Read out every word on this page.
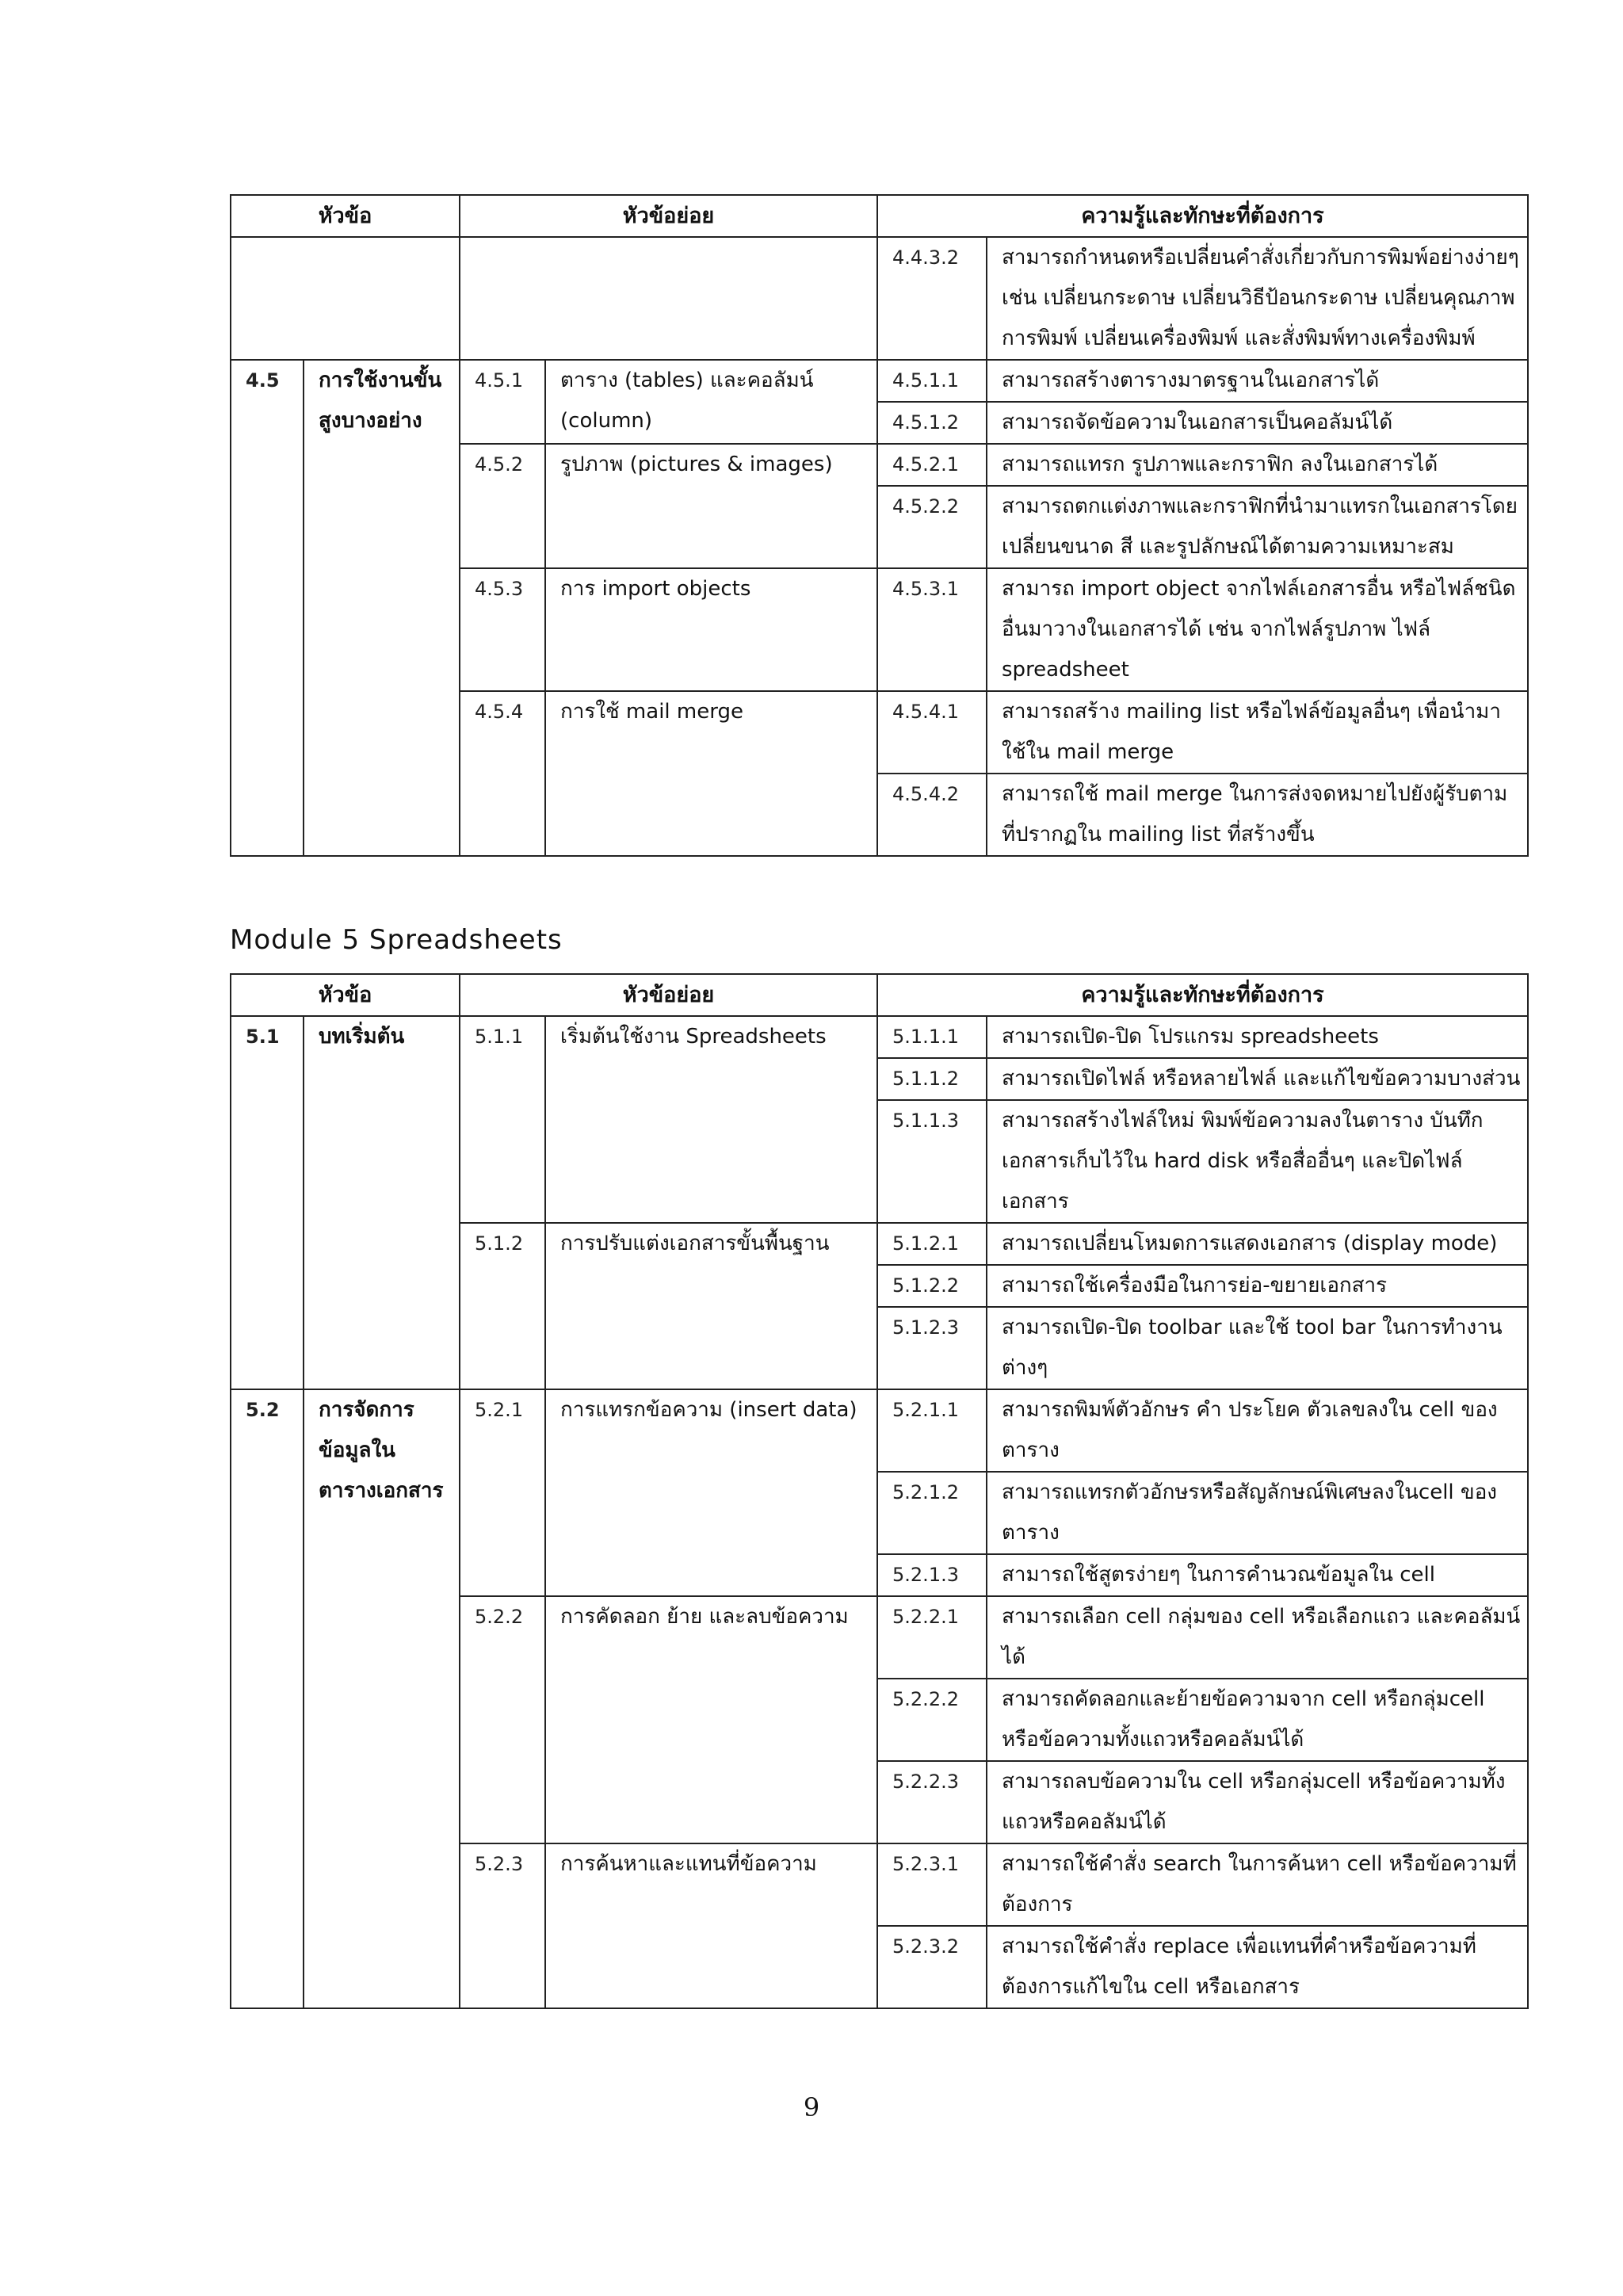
หัวข้อ		หัวข้อย่อย		ความรู้และทักษะที่ต้องการ	
				4.4.3.2	สามารถกำหนดหรือเปลี่ยนคำสั่งเกี่ยวกับการพิมพ์อย่างง่ายๆ เช่น เปลี่ยนกระดาษ เปลี่ยนวิธีป้อนกระดาษ เปลี่ยนคุณภาพการพิมพ์ เปลี่ยนเครื่องพิมพ์ และสั่งพิมพ์ทางเครื่องพิมพ์
4.5	การใช้งานขั้นสูงบางอย่าง	4.5.1	ตาราง (tables) และคอลัมน์ (column)	4.5.1.1	สามารถสร้างตารางมาตรฐานในเอกสารได้
				4.5.1.2	สามารถจัดข้อความในเอกสารเป็นคอลัมน์ได้
		4.5.2	รูปภาพ (pictures & images)	4.5.2.1	สามารถแทรก รูปภาพและกราฟิก ลงในเอกสารได้
				4.5.2.2	สามารถตกแต่งภาพและกราฟิกที่นำมาแทรกในเอกสารโดยเปลี่ยนขนาด สี และรูปลักษณ์ได้ตามความเหมาะสม
		4.5.3	การ import objects	4.5.3.1	สามารถ import object จากไฟล์เอกสารอื่น หรือไฟล์ชนิดอื่นมาวางในเอกสารได้ เช่น จากไฟล์รูปภาพ ไฟล์ spreadsheet
		4.5.4	การใช้ mail merge	4.5.4.1	สามารถสร้าง mailing list หรือไฟล์ข้อมูลอื่นๆ เพื่อนำมาใช้ใน mail merge
				4.5.4.2	สามารถใช้ mail merge ในการส่งจดหมายไปยังผู้รับตามที่ปรากฏใน mailing list ที่สร้างขึ้น
Module 5 Spreadsheets
หัวข้อ		หัวข้อย่อย		ความรู้และทักษะที่ต้องการ	
5.1	บทเริ่มต้น	5.1.1	เริ่มต้นใช้งาน Spreadsheets	5.1.1.1	สามารถเปิด-ปิด โปรแกรม spreadsheets
				5.1.1.2	สามารถเปิดไฟล์ หรือหลายไฟล์ และแก้ไขข้อความบางส่วน
				5.1.1.3	สามารถสร้างไฟล์ใหม่ พิมพ์ข้อความลงในตาราง บันทึกเอกสารเก็บไว้ใน hard disk หรือสื่ออื่นๆ และปิดไฟล์เอกสาร
		5.1.2	การปรับแต่งเอกสารขั้นพื้นฐาน	5.1.2.1	สามารถเปลี่ยนโหมดการแสดงเอกสาร (display mode)
				5.1.2.2	สามารถใช้เครื่องมือในการย่อ-ขยายเอกสาร
				5.1.2.3	สามารถเปิด-ปิด toolbar และใช้ tool bar ในการทำงานต่างๆ
5.2	การจัดการข้อมูลในตารางเอกสาร	5.2.1	การแทรกข้อความ (insert data)	5.2.1.1	สามารถพิมพ์ตัวอักษร คำ ประโยค ตัวเลขลงใน cell ของตาราง
				5.2.1.2	สามารถแทรกตัวอักษรหรือสัญลักษณ์พิเศษลงในcell ของตาราง
				5.2.1.3	สามารถใช้สูตรง่ายๆ ในการคำนวณข้อมูลใน cell
		5.2.2	การคัดลอก ย้าย และลบข้อความ	5.2.2.1	สามารถเลือก cell กลุ่มของ cell หรือเลือกแถว และคอลัมน์ได้
				5.2.2.2	สามารถคัดลอกและย้ายข้อความจาก cell หรือกลุ่มcell หรือข้อความทั้งแถวหรือคอลัมน์ได้
				5.2.2.3	สามารถลบข้อความใน cell หรือกลุ่มcell หรือข้อความทั้งแถวหรือคอลัมน์ได้
		5.2.3	การค้นหาและแทนที่ข้อความ	5.2.3.1	สามารถใช้คำสั่ง search ในการค้นหา cell หรือข้อความที่ต้องการ
				5.2.3.2	สามารถใช้คำสั่ง replace เพื่อแทนที่คำหรือข้อความที่ต้องการแก้ไขใน cell หรือเอกสาร
9
